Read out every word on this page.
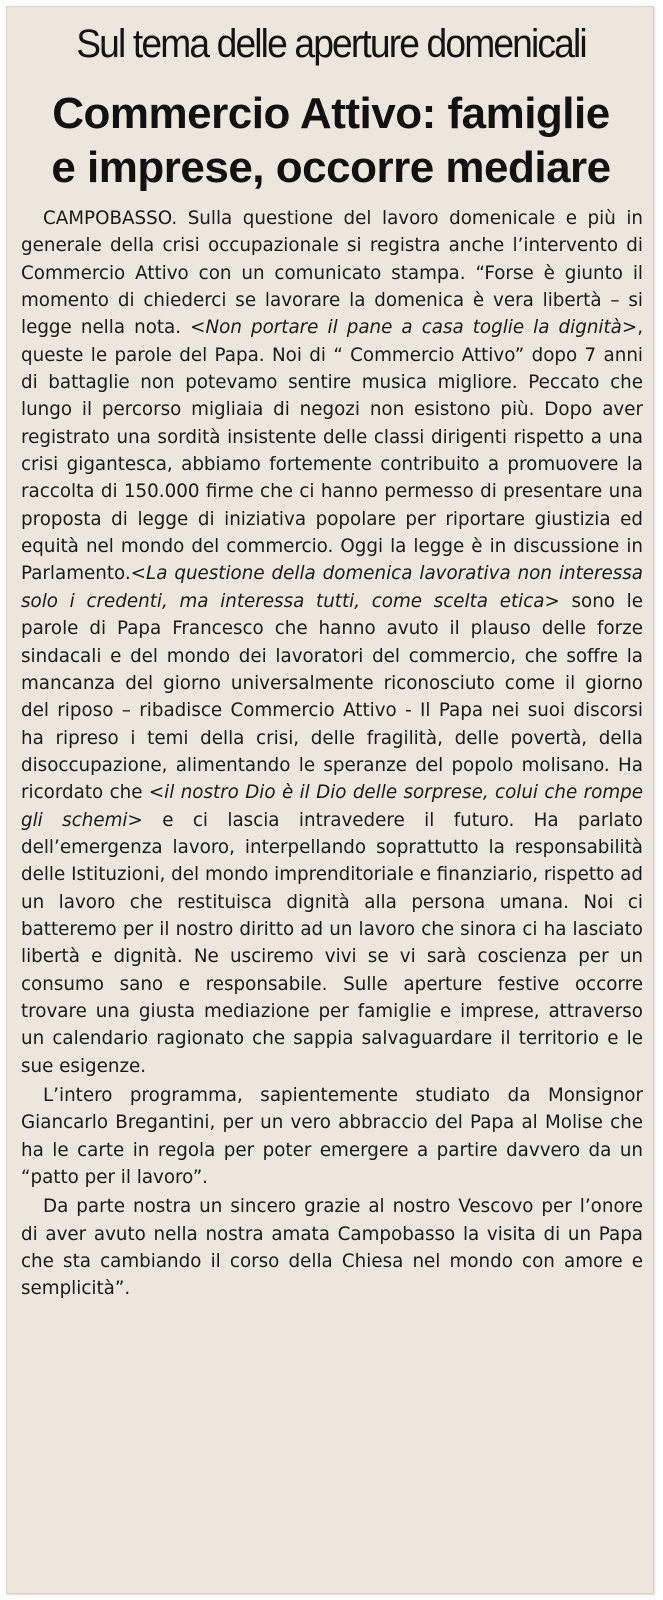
Sul tema delle aperture domenicali
Commercio Attivo: famiglie
e imprese, occorre mediare

CAMPOBASSO. Sulla questione del lavoro domenicale e più in generale della crisi occupazionale si registra anche l’intervento di Commercio Attivo con un comunicato stampa. “Forse è giunto il momento di chiederci se lavorare la domenica è vera libertà – si legge nella nota. <Non portare il pane a casa toglie la dignità>, queste le parole del Papa. Noi di “ Commercio Attivo” dopo 7 anni di battaglie non potevamo sentire musica migliore. Peccato che lungo il percorso migliaia di negozi non esistono più. Dopo aver registrato una sordità insistente delle classi dirigenti rispetto a una crisi gigantesca, abbiamo fortemente contribuito a promuovere la raccolta di 150.000 firme che ci hanno permesso di presentare una proposta di legge di iniziativa popolare per riportare giustizia ed equità nel mondo del commercio. Oggi la legge è in discussione in Parlamento.<La questione della domenica lavorativa non interessa solo i credenti, ma interessa tutti, come scelta etica> sono le parole di Papa Francesco che hanno avuto il plauso delle forze sindacali e del mondo dei lavoratori del commercio, che soffre la mancanza del giorno universalmente riconosciuto come il giorno del riposo – ribadisce Commercio Attivo - Il Papa nei suoi discorsi ha ripreso i temi della crisi, delle fragilità, delle povertà, della disoccupazione, alimentando le speranze del popolo molisano. Ha ricordato che <il nostro Dio è il Dio delle sorprese, colui che rompe gli schemi> e ci lascia intravedere il futuro. Ha parlato dell’emergenza lavoro, interpellando soprattutto la responsabilità delle Istituzioni, del mondo imprenditoriale e finanziario, rispetto ad un lavoro che restituisca dignità alla persona umana. Noi ci batteremo per il nostro diritto ad un lavoro che sinora ci ha lasciato libertà e dignità. Ne usciremo vivi se vi sarà coscienza per un consumo sano e responsabile. Sulle aperture festive occorre trovare una giusta mediazione per famiglie e imprese, attraverso un calendario ragionato che sappia salvaguardare il territorio e le sue esigenze.

L’intero programma, sapientemente studiato da Monsignor Giancarlo Bregantini, per un vero abbraccio del Papa al Molise che ha le carte in regola per poter emergere a partire davvero da un “patto per il lavoro”.

Da parte nostra un sincero grazie al nostro Vescovo per l’onore di aver avuto nella nostra amata Campobasso la visita di un Papa che sta cambiando il corso della Chiesa nel mondo con amore e semplicità”.
